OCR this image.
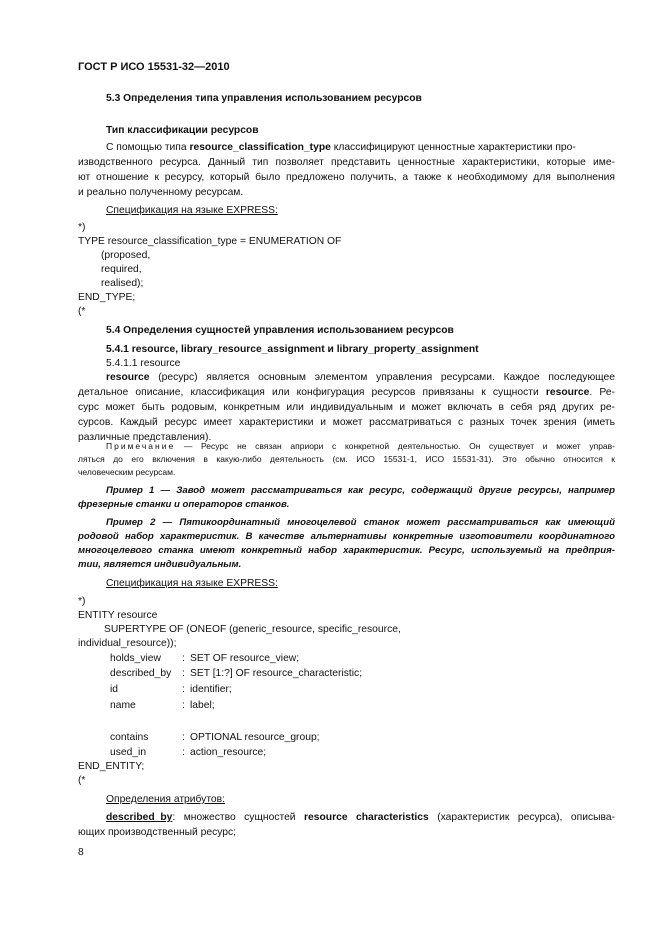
ГОСТ Р ИСО 15531-32—2010
5.3 Определения типа управления использованием ресурсов
Тип классификации ресурсов
С помощью типа resource_classification_type классифицируют ценностные характеристики про-
изводственного ресурса. Данный тип позволяет представить ценностные характеристики, которые име-
ют отношение к ресурсу, который было предложено получить, а также к необходимому для выполнения
и реально полученному ресурсам.
Спецификация на языке EXPRESS:
*)
TYPE resource_classification_type = ENUMERATION OF
(proposed,
required,
realised);
END_TYPE;
(*
5.4 Определения сущностей управления использованием ресурсов
5.4.1 resource, library_resource_assignment и library_property_assignment
5.4.1.1 resource
resource (ресурс) является основным элементом управления ресурсами. Каждое последующее
детальное описание, классификация или конфигурация ресурсов привязаны к сущности resource. Ре-
сурс может быть родовым, конкретным или индивидуальным и может включать в себя ряд других ре-
сурсов. Каждый ресурс имеет характеристики и может рассматриваться с разных точек зрения (иметь
различные представления).
Примечание — Ресурс не связан априори с конкретной деятельностью. Он существует и может управ-
ляться до его включения в какую-либо деятельность (см. ИСО 15531-1, ИСО 15531-31). Это обычно относится к
человеческим ресурсам.
Пример 1 — Завод может рассматриваться как ресурс, содержащий другие ресурсы, например
фрезерные станки и операторов станков.
Пример 2 — Пятикоординатный многоцелевой станок может рассматриваться как имеющий
родовой набор характеристик. В качестве альтернативы конкретные изготовители координатного
многоцелевого станка имеют конкретный набор характеристик. Ресурс, используемый на предприя-
тии, является индивидуальным.
Спецификация на языке EXPRESS:
*)
ENTITY resource
SUPERTYPE OF (ONEOF (generic_resource, specific_resource,
individual_resource));
holds_view : SET OF resource_view;
described_by : SET [1:?] OF resource_characteristic;
id	: identifier;
name	: label;
contains	: OPTIONAL resource_group;
used_in	: action_resource;
END_ENTITY;
(*
Определения атрибутов:
described_by: множество сущностей resource characteristics (характеристик ресурса), описыва-
ющих производственный ресурс;
8
